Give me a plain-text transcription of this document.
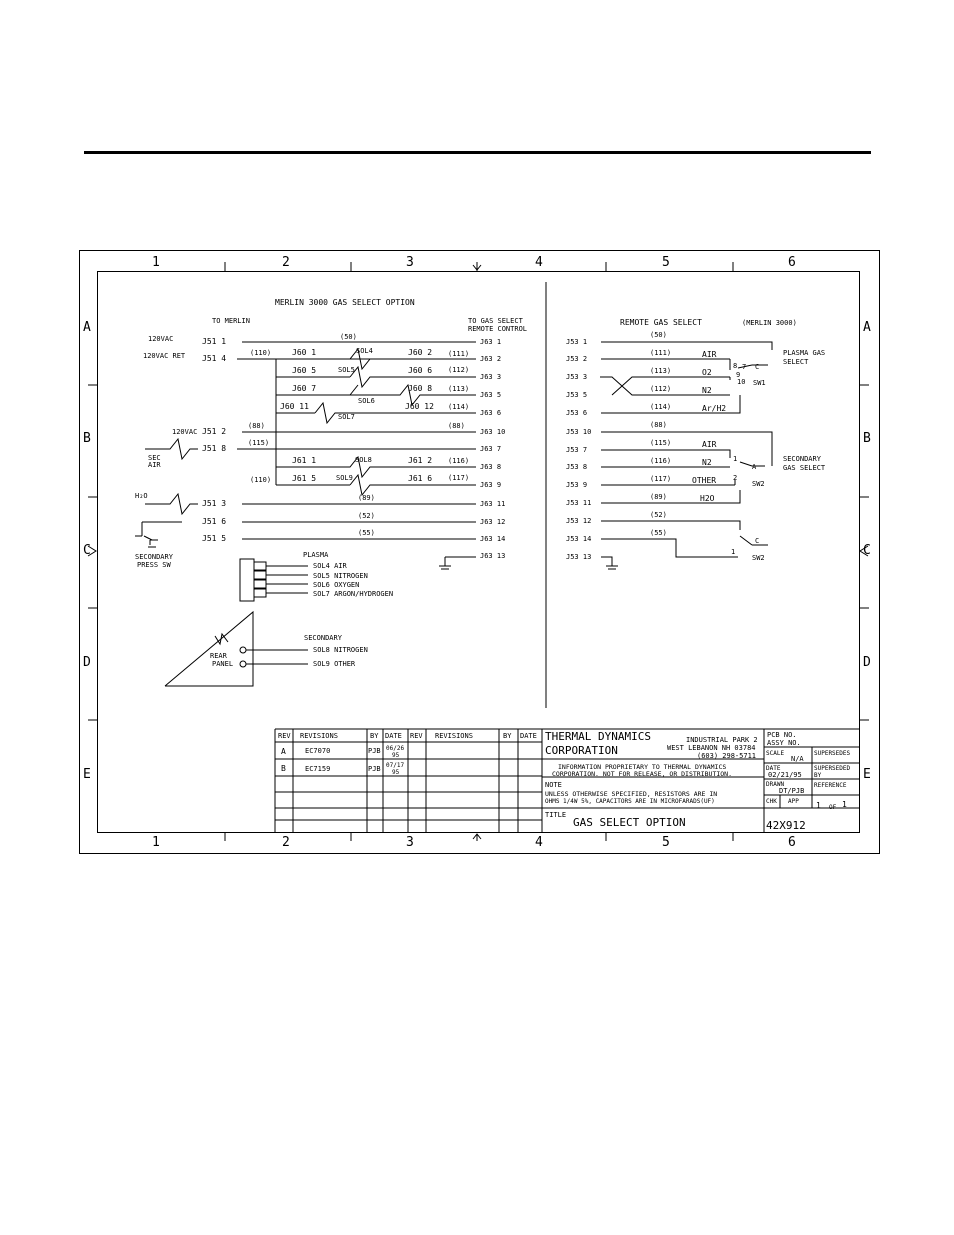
1	2	3	4	5	6
1	2	3	4	5	6
A
B
C
D
E
A
B
C
D
E
MERLIN 3000 GAS SELECT OPTION
TO MERLIN	TO GAS SELECT
REMOTE CONTROL
120VAC
120VAC RET
120VAC
SEC
AIR
H₂O
SECONDARY
PRESS SW
J51 1
J51 4
J51 2
J51 8
J51 3
J51 6
J51 5
J63 1
J63 2
J63 3
J63 5
J63 6
J63 10
J63 7
J63 8
J63 9
J63 11
J63 12
J63 14
J63 13
(50)
(110)	(111)
(112)
(113)
(114)
(88)	(88)
(115)
(110)
(116)
(117)
(89)
(52)
(55)
J60 1	J60 2
J60 5	J60 6
J60 7	J60 8
J60 11	J60 12
J61 1	J61 2
J61 5	J61 6
SOL4
SOL5
SOL6
SOL7
SOL8
SOL9
PLASMA
SOL4 AIR
SOL5 NITROGEN
SOL6 OXYGEN
SOL7 ARGON/HYDROGEN
SECONDARY
SOL8 NITROGEN
SOL9 OTHER
REAR
PANEL
REMOTE GAS SELECT	(MERLIN 3000)
J53 1
J53 2
J53 3
J53 5
J53 6
J53 10
J53 7
J53 8
J53 9
J53 11
J53 12
J53 14
J53 13
(50)
(111)
(113)
(112)
(114)
(88)
(115)
(116)
(117)
(89)
(52)
(55)
AIR
O2
N2
Ar/H2
AIR
N2
OTHER
H2O
PLASMA GAS
SELECT
SECONDARY
GAS SELECT
SW1
SW2
SW2
7
8
9
10
C
1
2
A
1
C
REV REVISIONS	BY DATE REV REVISIONS	BY DATE
A	EC7070	PJB 06/26
95
B	EC7159	PJB 07/17
95
THERMAL DYNAMICS
CORPORATION
INDUSTRIAL PARK 2
WEST LEBANON NH 03784
(603) 298-5711
INFORMATION PROPRIETARY TO THERMAL DYNAMICS
CORPORATION. NOT FOR RELEASE, OR DISTRIBUTION.
NOTE
UNLESS OTHERWISE SPECIFIED, RESISTORS ARE IN
OHMS 1/4W 5%, CAPACITORS ARE IN MICROFARADS(UF)
TITLE
GAS SELECT OPTION
PCB NO.
ASSY NO.
SCALE
N/A
SUPERSEDES
DATE
02/21/95
SUPERSEDED
BY
DRAWN
DT/PJB
REFERENCE
CHK APP 1 OF 1
42X912
